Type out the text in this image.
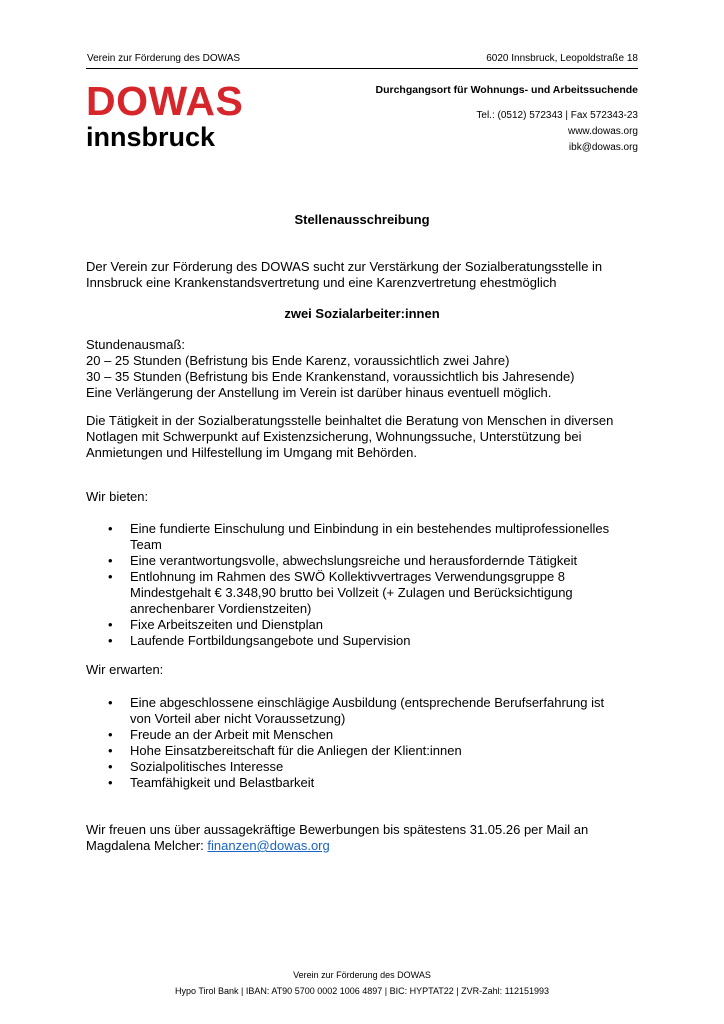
Verein zur Förderung des DOWAS	6020 Innsbruck, Leopoldstraße 18
DOWAS
innsbruck
Durchgangsort für Wohnungs- und Arbeitssuchende
Tel.: (0512) 572343 | Fax 572343-23
www.dowas.org
ibk@dowas.org
Stellenausschreibung
Der Verein zur Förderung des DOWAS sucht zur Verstärkung der Sozialberatungsstelle in
Innsbruck eine Krankenstandsvertretung und eine Karenzvertretung ehestmöglich
zwei Sozialarbeiter:innen
Stundenausmaß:
20 – 25 Stunden (Befristung bis Ende Karenz, voraussichtlich zwei Jahre)
30 – 35 Stunden (Befristung bis Ende Krankenstand, voraussichtlich bis Jahresende)
Eine Verlängerung der Anstellung im Verein ist darüber hinaus eventuell möglich.
Die Tätigkeit in der Sozialberatungsstelle beinhaltet die Beratung von Menschen in diversen
Notlagen mit Schwerpunkt auf Existenzsicherung, Wohnungssuche, Unterstützung bei
Anmietungen und Hilfestellung im Umgang mit Behörden.
Wir bieten:
• Eine fundierte Einschulung und Einbindung in ein bestehendes multiprofessionelles
Team
• Eine verantwortungsvolle, abwechslungsreiche und herausfordernde Tätigkeit
• Entlohnung im Rahmen des SWÖ Kollektivvertrages Verwendungsgruppe 8
Mindestgehalt € 3.348,90 brutto bei Vollzeit (+ Zulagen und Berücksichtigung
anrechenbarer Vordienstzeiten)
• Fixe Arbeitszeiten und Dienstplan
• Laufende Fortbildungsangebote und Supervision
Wir erwarten:
• Eine abgeschlossene einschlägige Ausbildung (entsprechende Berufserfahrung ist
von Vorteil aber nicht Voraussetzung)
• Freude an der Arbeit mit Menschen
• Hohe Einsatzbereitschaft für die Anliegen der Klient:innen
• Sozialpolitisches Interesse
• Teamfähigkeit und Belastbarkeit
Wir freuen uns über aussagekräftige Bewerbungen bis spätestens 31.05.26 per Mail an
Magdalena Melcher: finanzen@dowas.org
Verein zur Förderung des DOWAS
Hypo Tirol Bank | IBAN: AT90 5700 0002 1006 4897 | BIC: HYPTAT22 | ZVR-Zahl: 112151993
